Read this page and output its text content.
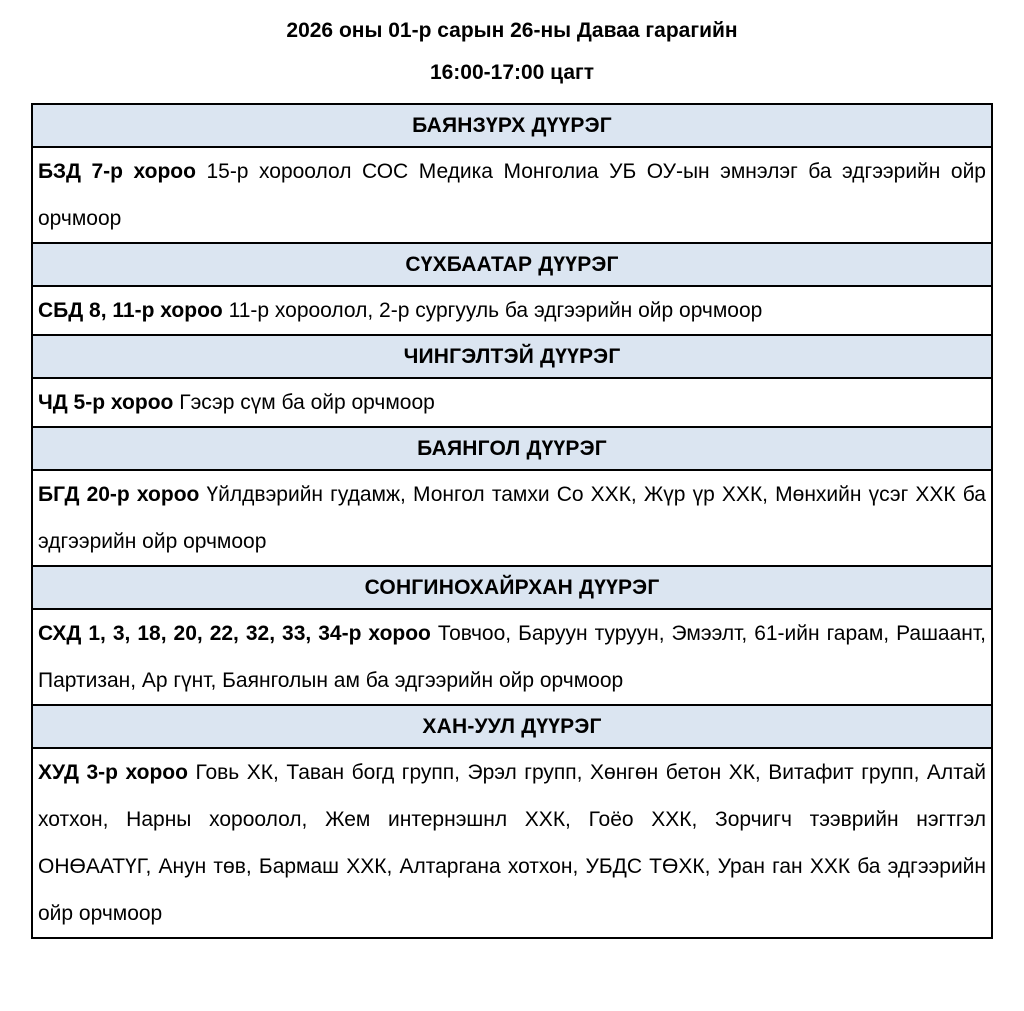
2026 оны 01-р сарын 26-ны Даваа гарагийн
16:00-17:00 цагт
БАЯНЗҮРХ ДҮҮРЭГ
БЗД 7-р хороо 15-р хороолол СОС Медика Монголиа УБ ОУ-ын эмнэлэг ба эдгээрийн ойр орчмоор
СҮХБААТАР ДҮҮРЭГ
СБД 8, 11-р хороо 11-р хороолол, 2-р сургууль ба эдгээрийн ойр орчмоор
ЧИНГЭЛТЭЙ ДҮҮРЭГ
ЧД 5-р хороо Гэсэр сүм ба ойр орчмоор
БАЯНГОЛ ДҮҮРЭГ
БГД 20-р хороо Үйлдвэрийн гудамж, Монгол тамхи Со ХХК, Жүр үр ХХК, Мөнхийн үсэг ХХК ба эдгээрийн ойр орчмоор
СОНГИНОХАЙРХАН ДҮҮРЭГ
СХД 1, 3, 18, 20, 22, 32, 33, 34-р хороо Товчоо, Баруун туруун, Эмээлт, 61-ийн гарам, Рашаант, Партизан, Ар гүнт, Баянголын ам ба эдгээрийн ойр орчмоор
ХАН-УУЛ ДҮҮРЭГ
ХУД 3-р хороо Говь ХК, Таван богд групп, Эрэл групп, Хөнгөн бетон ХК, Витафит групп, Алтай хотхон, Нарны хороолол, Жем интернэшнл ХХК, Гоёо ХХК, Зорчигч тээврийн нэгтгэл ОНӨААТҮГ, Анун төв, Бармаш ХХК, Алтаргана хотхон, УБДС ТӨХК, Уран ган ХХК ба эдгээрийн ойр орчмоор
